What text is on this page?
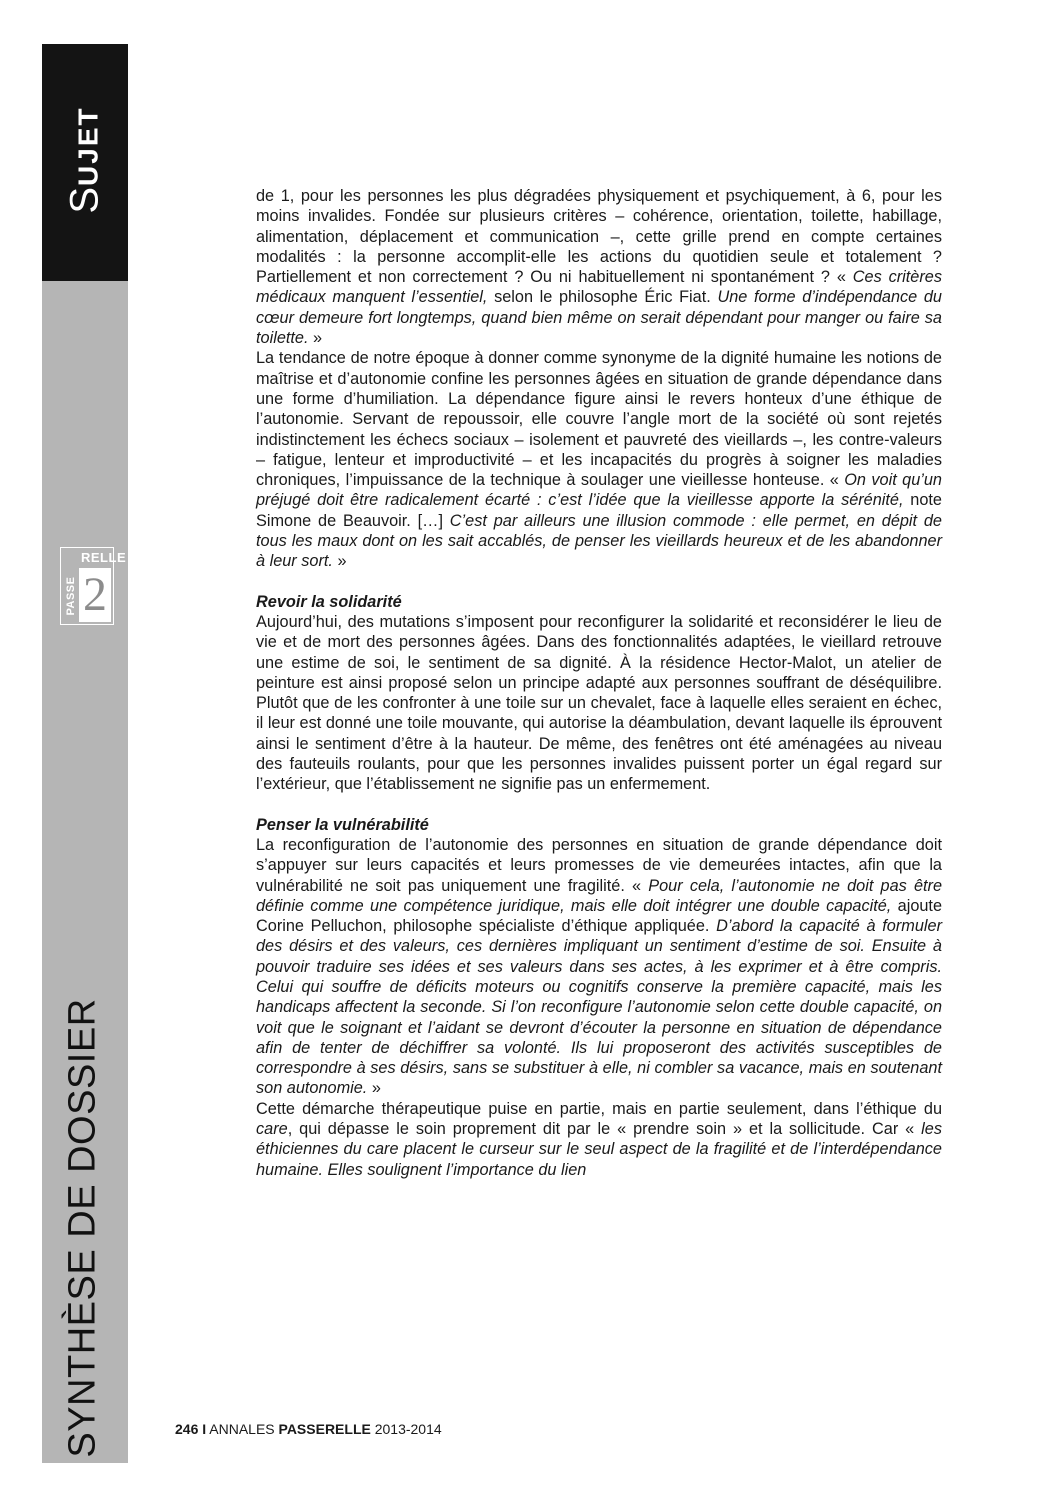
SUJET
RELLE
PASSE 2
SYNTHÈSE DE DOSSIER

de 1, pour les personnes les plus dégradées physiquement et psychiquement, à 6, pour les moins invalides. Fondée sur plusieurs critères – cohérence, orientation, toilette, habillage, alimentation, déplacement et communication –, cette grille prend en compte certaines modalités : la personne accomplit-elle les actions du quotidien seule et totalement ? Partiellement et non correctement ? Ou ni habituellement ni spontanément ? « Ces critères médicaux manquent l’essentiel, selon le philosophe Éric Fiat. Une forme d’indépendance du cœur demeure fort longtemps, quand bien même on serait dépendant pour manger ou faire sa toilette. »

La tendance de notre époque à donner comme synonyme de la dignité humaine les notions de maîtrise et d’autonomie confine les personnes âgées en situation de grande dépendance dans une forme d’humiliation. La dépendance figure ainsi le revers honteux d’une éthique de l’autonomie. Servant de repoussoir, elle couvre l’angle mort de la société où sont rejetés indistinctement les échecs sociaux – isolement et pauvreté des vieillards –, les contre-valeurs – fatigue, lenteur et improductivité – et les incapacités du progrès à soigner les maladies chroniques, l’impuissance de la technique à soulager une vieillesse honteuse. « On voit qu’un préjugé doit être radicalement écarté : c’est l’idée que la vieillesse apporte la sérénité, note Simone de Beauvoir. […] C’est par ailleurs une illusion commode : elle permet, en dépit de tous les maux dont on les sait accablés, de penser les vieillards heureux et de les abandonner à leur sort. »

Revoir la solidarité

Aujourd’hui, des mutations s’imposent pour reconfigurer la solidarité et reconsidérer le lieu de vie et de mort des personnes âgées. Dans des fonctionnalités adaptées, le vieillard retrouve une estime de soi, le sentiment de sa dignité. À la résidence Hector-Malot, un atelier de peinture est ainsi proposé selon un principe adapté aux personnes souffrant de déséquilibre. Plutôt que de les confronter à une toile sur un chevalet, face à laquelle elles seraient en échec, il leur est donné une toile mouvante, qui autorise la déambulation, devant laquelle ils éprouvent ainsi le sentiment d’être à la hauteur. De même, des fenêtres ont été aménagées au niveau des fauteuils roulants, pour que les personnes invalides puissent porter un égal regard sur l’extérieur, que l’établissement ne signifie pas un enfermement.

Penser la vulnérabilité

La reconfiguration de l’autonomie des personnes en situation de grande dépendance doit s’appuyer sur leurs capacités et leurs promesses de vie demeurées intactes, afin que la vulnérabilité ne soit pas uniquement une fragilité. « Pour cela, l’autonomie ne doit pas être définie comme une compétence juridique, mais elle doit intégrer une double capacité, ajoute Corine Pelluchon, philosophe spécialiste d’éthique appliquée. D’abord la capacité à formuler des désirs et des valeurs, ces dernières impliquant un sentiment d’estime de soi. Ensuite à pouvoir traduire ses idées et ses valeurs dans ses actes, à les exprimer et à être compris. Celui qui souffre de déficits moteurs ou cognitifs conserve la première capacité, mais les handicaps affectent la seconde. Si l’on reconfigure l’autonomie selon cette double capacité, on voit que le soignant et l’aidant se devront d’écouter la personne en situation de dépendance afin de tenter de déchiffrer sa volonté. Ils lui proposeront des activités susceptibles de correspondre à ses désirs, sans se substituer à elle, ni combler sa vacance, mais en soutenant son autonomie. »

Cette démarche thérapeutique puise en partie, mais en partie seulement, dans l’éthique du care, qui dépasse le soin proprement dit par le « prendre soin » et la sollicitude. Car « les éthiciennes du care placent le curseur sur le seul aspect de la fragilité et de l’interdépendance humaine. Elles soulignent l’importance du lien

246 I ANNALES PASSERELLE 2013-2014
